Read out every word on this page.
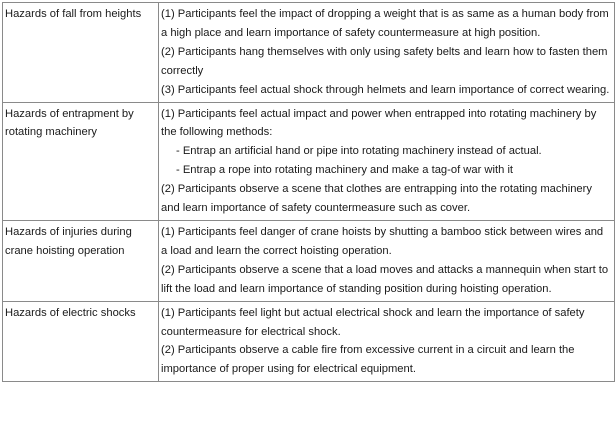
Hazards of fall from heights	(1) Participants feel the impact of dropping a weight that is as same as a human body from a high place and learn importance of safety countermeasure at high position.
(2) Participants hang themselves with only using safety belts and learn how to fasten them correctly
(3) Participants feel actual shock through helmets and learn importance of correct wearing.

Hazards of entrapment by rotating machinery	(1) Participants feel actual impact and power when entrapped into rotating machinery by the following methods:
- Entrap an artificial hand or pipe into rotating machinery instead of actual.
- Entrap a rope into rotating machinery and make a tag-of war with it
(2) Participants observe a scene that clothes are entrapping into the rotating machinery and learn importance of safety countermeasure such as cover.

Hazards of injuries during crane hoisting operation	(1) Participants feel danger of crane hoists by shutting a bamboo stick between wires and a load and learn the correct hoisting operation.
(2) Participants observe a scene that a load moves and attacks a mannequin when start to lift the load and learn importance of standing position during hoisting operation.

Hazards of electric shocks	(1) Participants feel light but actual electrical shock and learn the importance of safety countermeasure for electrical shock.
(2) Participants observe a cable fire from excessive current in a circuit and learn the importance of proper using for electrical equipment.
